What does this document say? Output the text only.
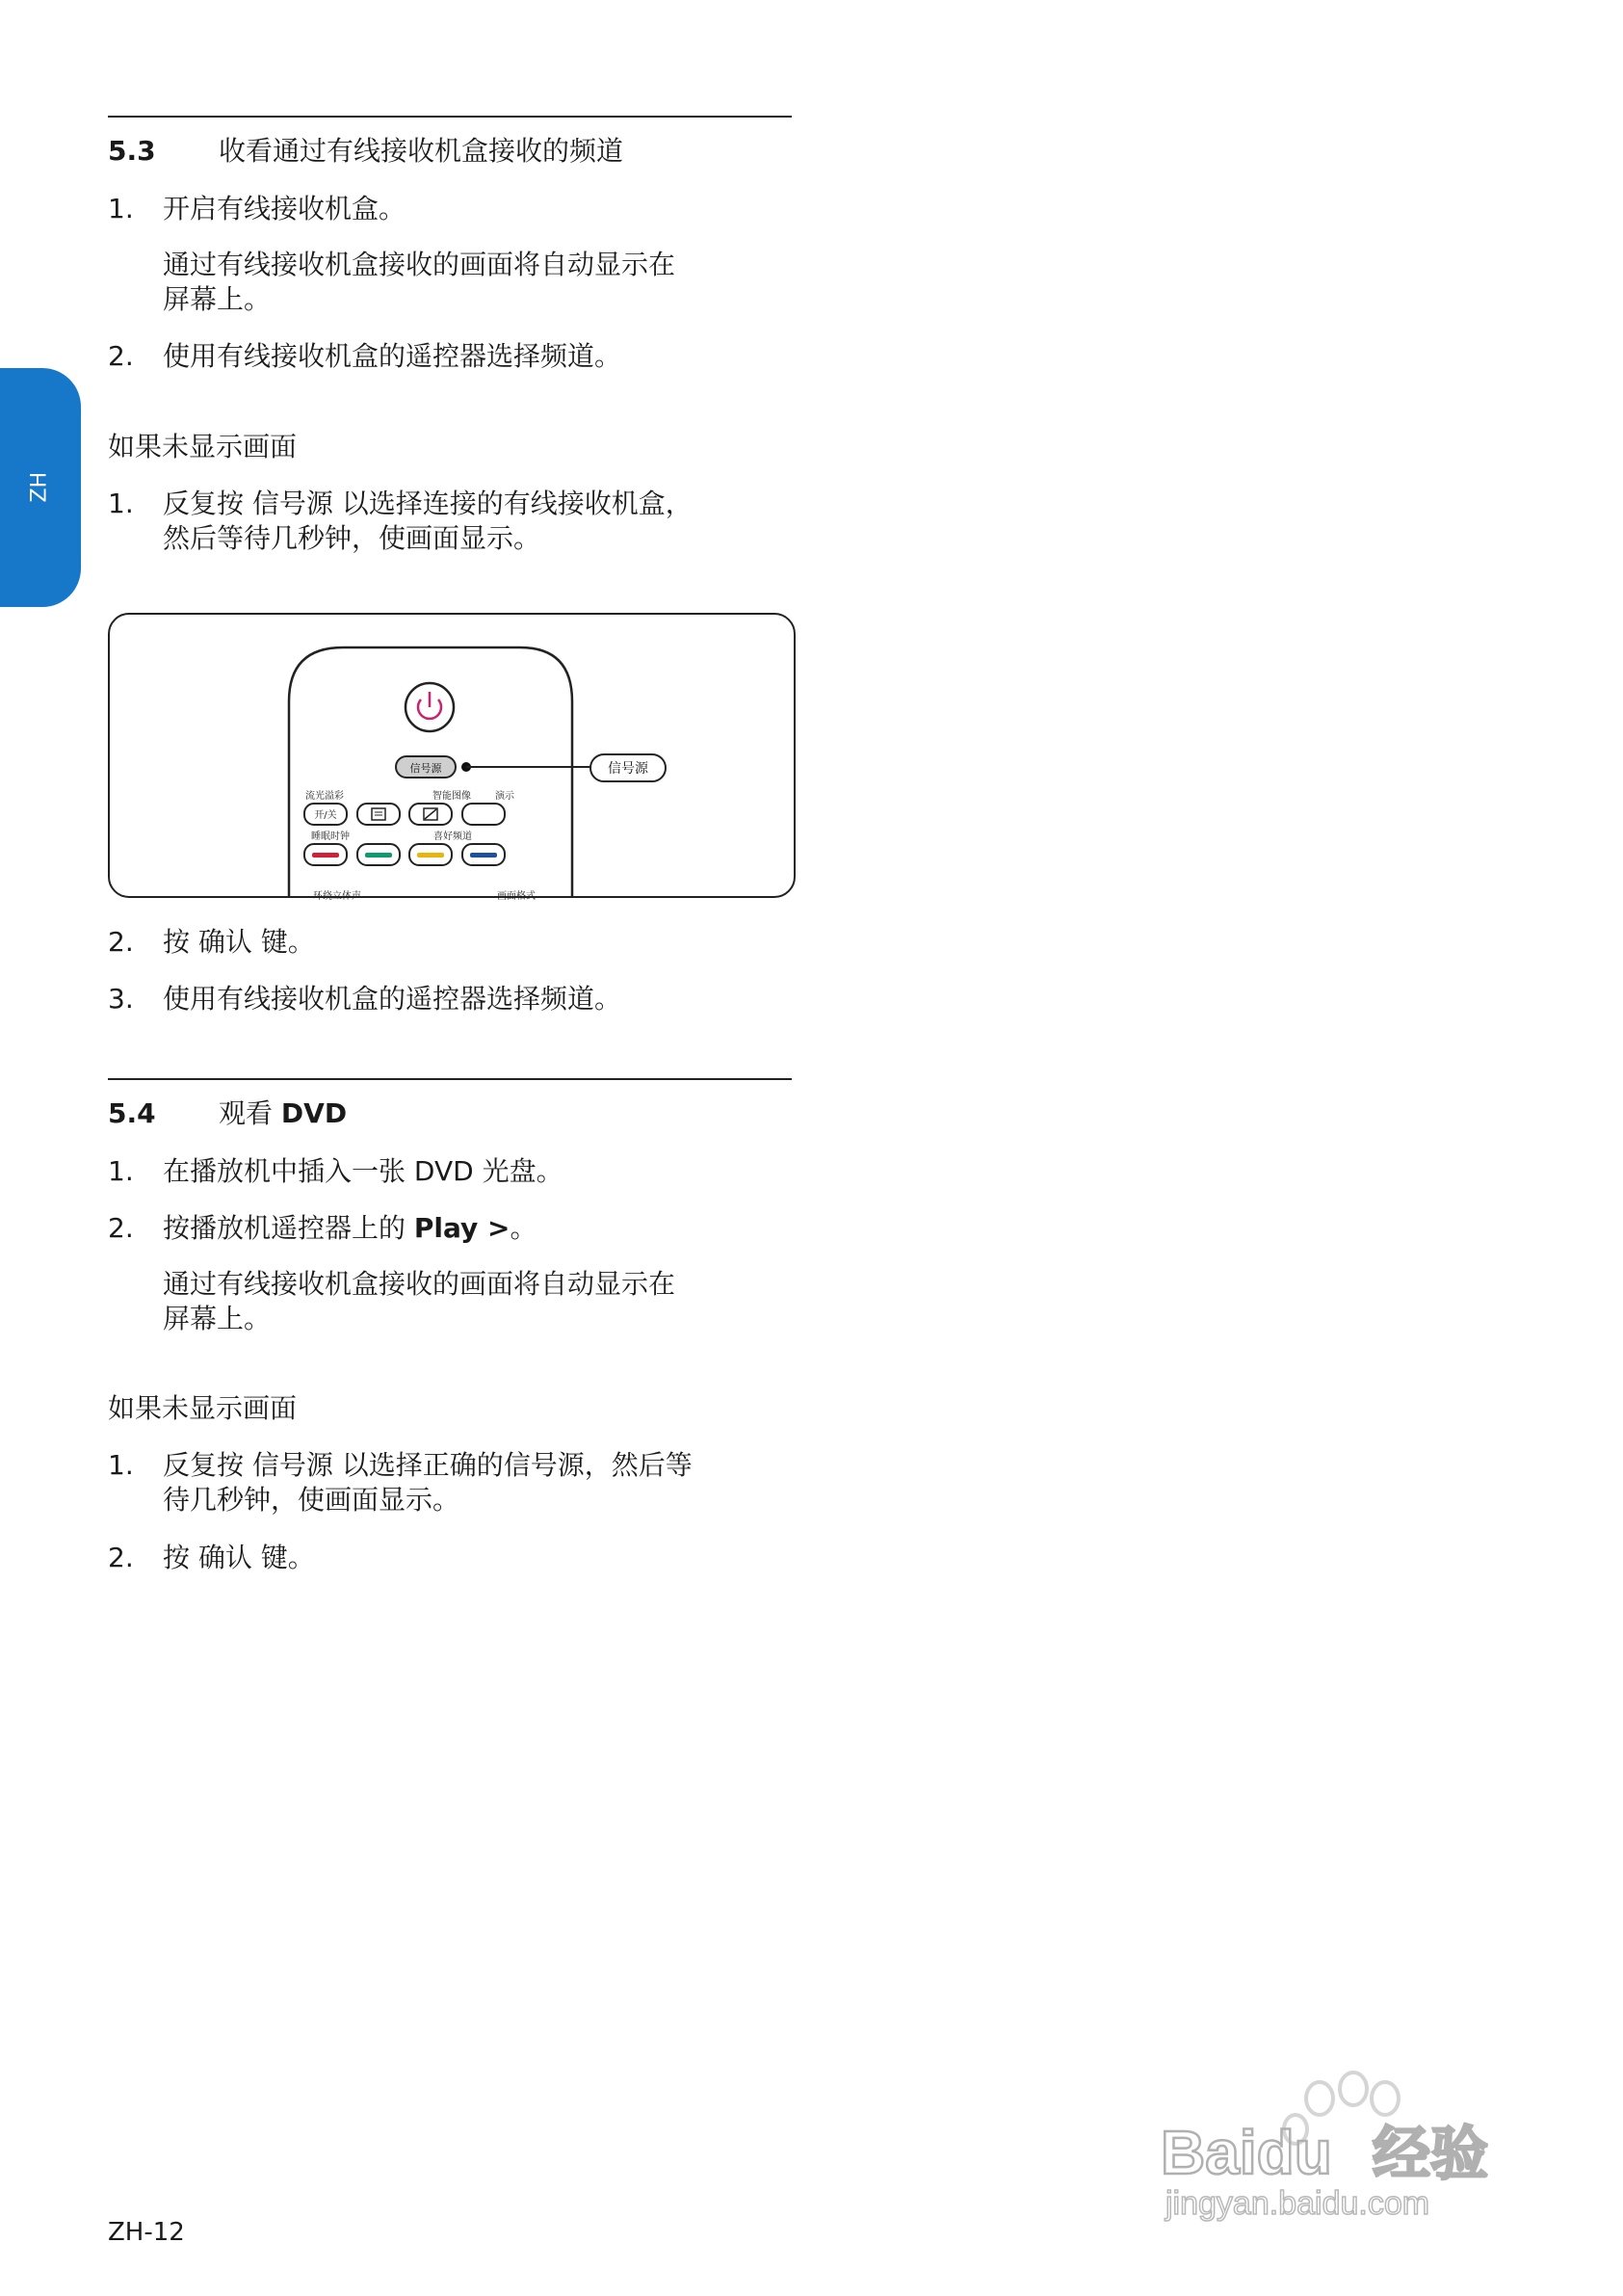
ZH
5.3 收看通过有线接收机盒接收的频道
1. 开启有线接收机盒。
通过有线接收机盒接收的画面将自动显示在
屏幕上。
2. 使用有线接收机盒的遥控器选择频道。
如果未显示画面
1. 反复按 信号源 以选择连接的有线接收机盒，
然后等待几秒钟，使画面显示。
信号源	信号源
流光溢彩	智能图像	演示
开/关
睡眠时钟	喜好频道
环绕立体声	画面格式
2. 按 确认 键。
3. 使用有线接收机盒的遥控器选择频道。
5.4 观看 DVD
1. 在播放机中插入一张 DVD 光盘。
2. 按播放机遥控器上的 Play >。
通过有线接收机盒接收的画面将自动显示在
屏幕上。
如果未显示画面
1. 反复按 信号源 以选择正确的信号源，然后等
待几秒钟，使画面显示。
2. 按 确认 键。
ZH-12
Baidu 经验
jingyan.baidu.com
